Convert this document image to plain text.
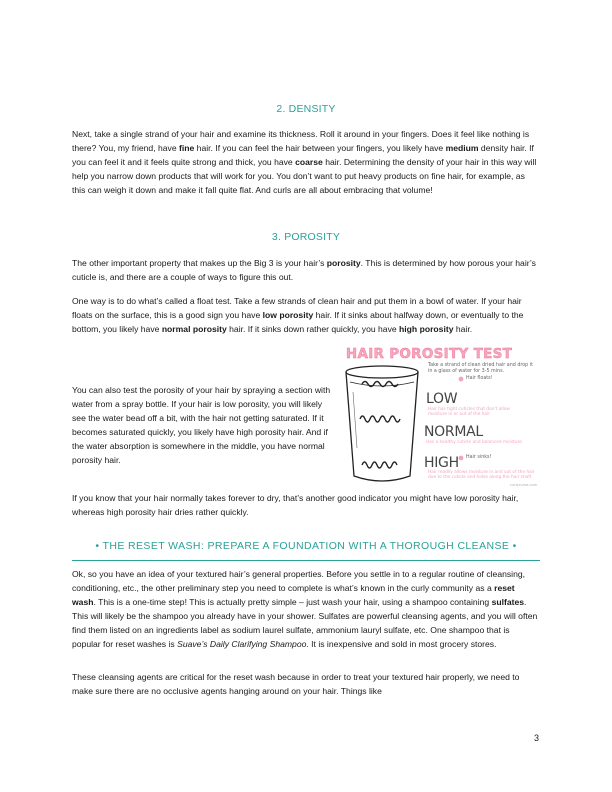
2. DENSITY

Next, take a single strand of your hair and examine its thickness. Roll it around in your fingers. Does it feel like nothing is there? You, my friend, have fine hair. If you can feel the hair between your fingers, you likely have medium density hair. If you can feel it and it feels quite strong and thick, you have coarse hair. Determining the density of your hair in this way will help you narrow down products that will work for you. You don’t want to put heavy products on fine hair, for example, as this can weigh it down and make it fall quite flat. And curls are all about embracing that volume!

3. POROSITY

The other important property that makes up the Big 3 is your hair’s porosity. This is determined by how porous your hair’s cuticle is, and there are a couple of ways to figure this out.

One way is to do what’s called a float test. Take a few strands of clean hair and put them in a bowl of water. If your hair floats on the surface, this is a good sign you have low porosity hair. If it sinks about halfway down, or eventually to the bottom, you likely have normal porosity hair. If it sinks down rather quickly, you have high porosity hair.

You can also test the porosity of your hair by spraying a section with water from a spray bottle. If your hair is low porosity, you will likely see the water bead off a bit, with the hair not getting saturated. If it becomes saturated quickly, you likely have high porosity hair. And if the water absorption is somewhere in the middle, you have normal porosity hair.

If you know that your hair normally takes forever to dry, that’s another good indicator you might have low porosity hair, whereas high porosity hair dries rather quickly.

HAIR POROSITY TEST
Take a strand of clean dried hair and drop it in a glass of water for 3-5 mins.
LOW
Hair floats!
Hair has tight cuticles that don't allow moisture in or out of the hair
NORMAL
Has a healthy cuticle and balanced moisture
HIGH Hair sinks!
Hair readily allows moisture in and out of the hair due to the cuticle and holes along the hair shaft
curlycurve.com
• THE RESET WASH: PREPARE A FOUNDATION WITH A THOROUGH CLEANSE •

Ok, so you have an idea of your textured hair’s general properties. Before you settle in to a regular routine of cleansing, conditioning, etc., the other preliminary step you need to complete is what’s known in the curly community as a reset wash. This is a one-time step! This is actually pretty simple – just wash your hair, using a shampoo containing sulfates. This will likely be the shampoo you already have in your shower. Sulfates are powerful cleansing agents, and you will often find them listed on an ingredients label as sodium laurel sulfate, ammonium lauryl sulfate, etc. One shampoo that is popular for reset washes is Suave’s Daily Clarifying Shampoo. It is inexpensive and sold in most grocery stores.

These cleansing agents are critical for the reset wash because in order to treat your textured hair properly, we need to make sure there are no occlusive agents hanging around on your hair. Things like

3
